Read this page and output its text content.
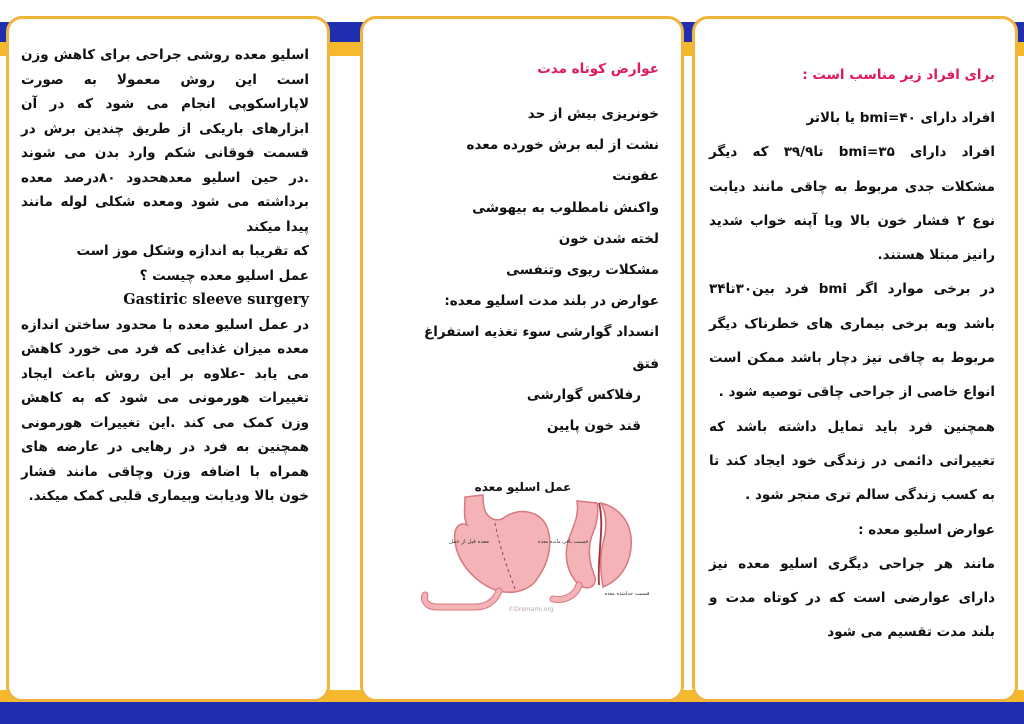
اسلیو معده روشی جراحی برای کاهش وزن است این روش معمولا به صورت لاپاراسکوپی انجام می شود که در آن ابزارهای باریکی از طریق چندین برش در قسمت فوقانی شکم وارد بدن می شوند .در حین اسلیو معدهحدود ۸۰درصد معده برداشته می شود ومعده شکلی لوله مانند پیدا میکند

که تقریبا به اندازه وشکل موز است

عمل اسلیو معده چیست ؟

Gastiric sleeve surgery

در عمل اسلیو معده با محدود ساختن اندازه معده میزان غذایی که فرد می خورد کاهش می یابد -علاوه بر این روش باعث ایجاد تغییرات هورمونی می شود که به کاهش وزن کمک می کند .این تغییرات هورمونی همچنین به فرد در رهایی در عارضه های همراه با اضافه وزن وچاقی مانند فشار خون بالا ودیابت وبیماری قلبی کمک میکند.

عوارض کوتاه مدت
خونریزی بیش از حد
نشت از لبه برش خورده معده
عفونت
واکنش نامطلوب به بیهوشی
لخته شدن خون
مشکلات ریوی وتنفسی
عوارض در بلند مدت اسلیو معده:
انسداد گوارشی سوء تغذیه استفراغ
فتق
رفلاکس گوارشی
قند خون پایین
عمل اسلیو معده
معده قبل از عمل	قسمت باقی مانده معده
قسمت جداشده معده
©Dremami.org
برای افراد زیر مناسب است :

افراد دارای bmi=۴۰ یا بالاتر

افراد دارای bmi=۳۵ تا۳۹/۹ که دیگر مشکلات جدی مربوط به چاقی مانند دیابت نوع ۲ فشار خون بالا ویا آپنه خواب شدید رانیز مبتلا هستند.

در برخی موارد اگر bmi فرد بین۳۰تا۳۴ باشد وبه برخی بیماری های خطرناک دیگر مربوط به چاقی نیز دچار باشد ممکن است انواع خاصی از جراحی چاقی توصیه شود .

همچنین فرد باید تمایل داشته باشد که تغییراتی دائمی در زندگی خود ایجاد کند تا به کسب زندگی سالم تری منجر شود .

عوارض اسلیو معده :

مانند هر جراحی دیگری اسلیو معده نیز دارای عوارضی است که در کوتاه مدت و بلند مدت تقسیم می شود
